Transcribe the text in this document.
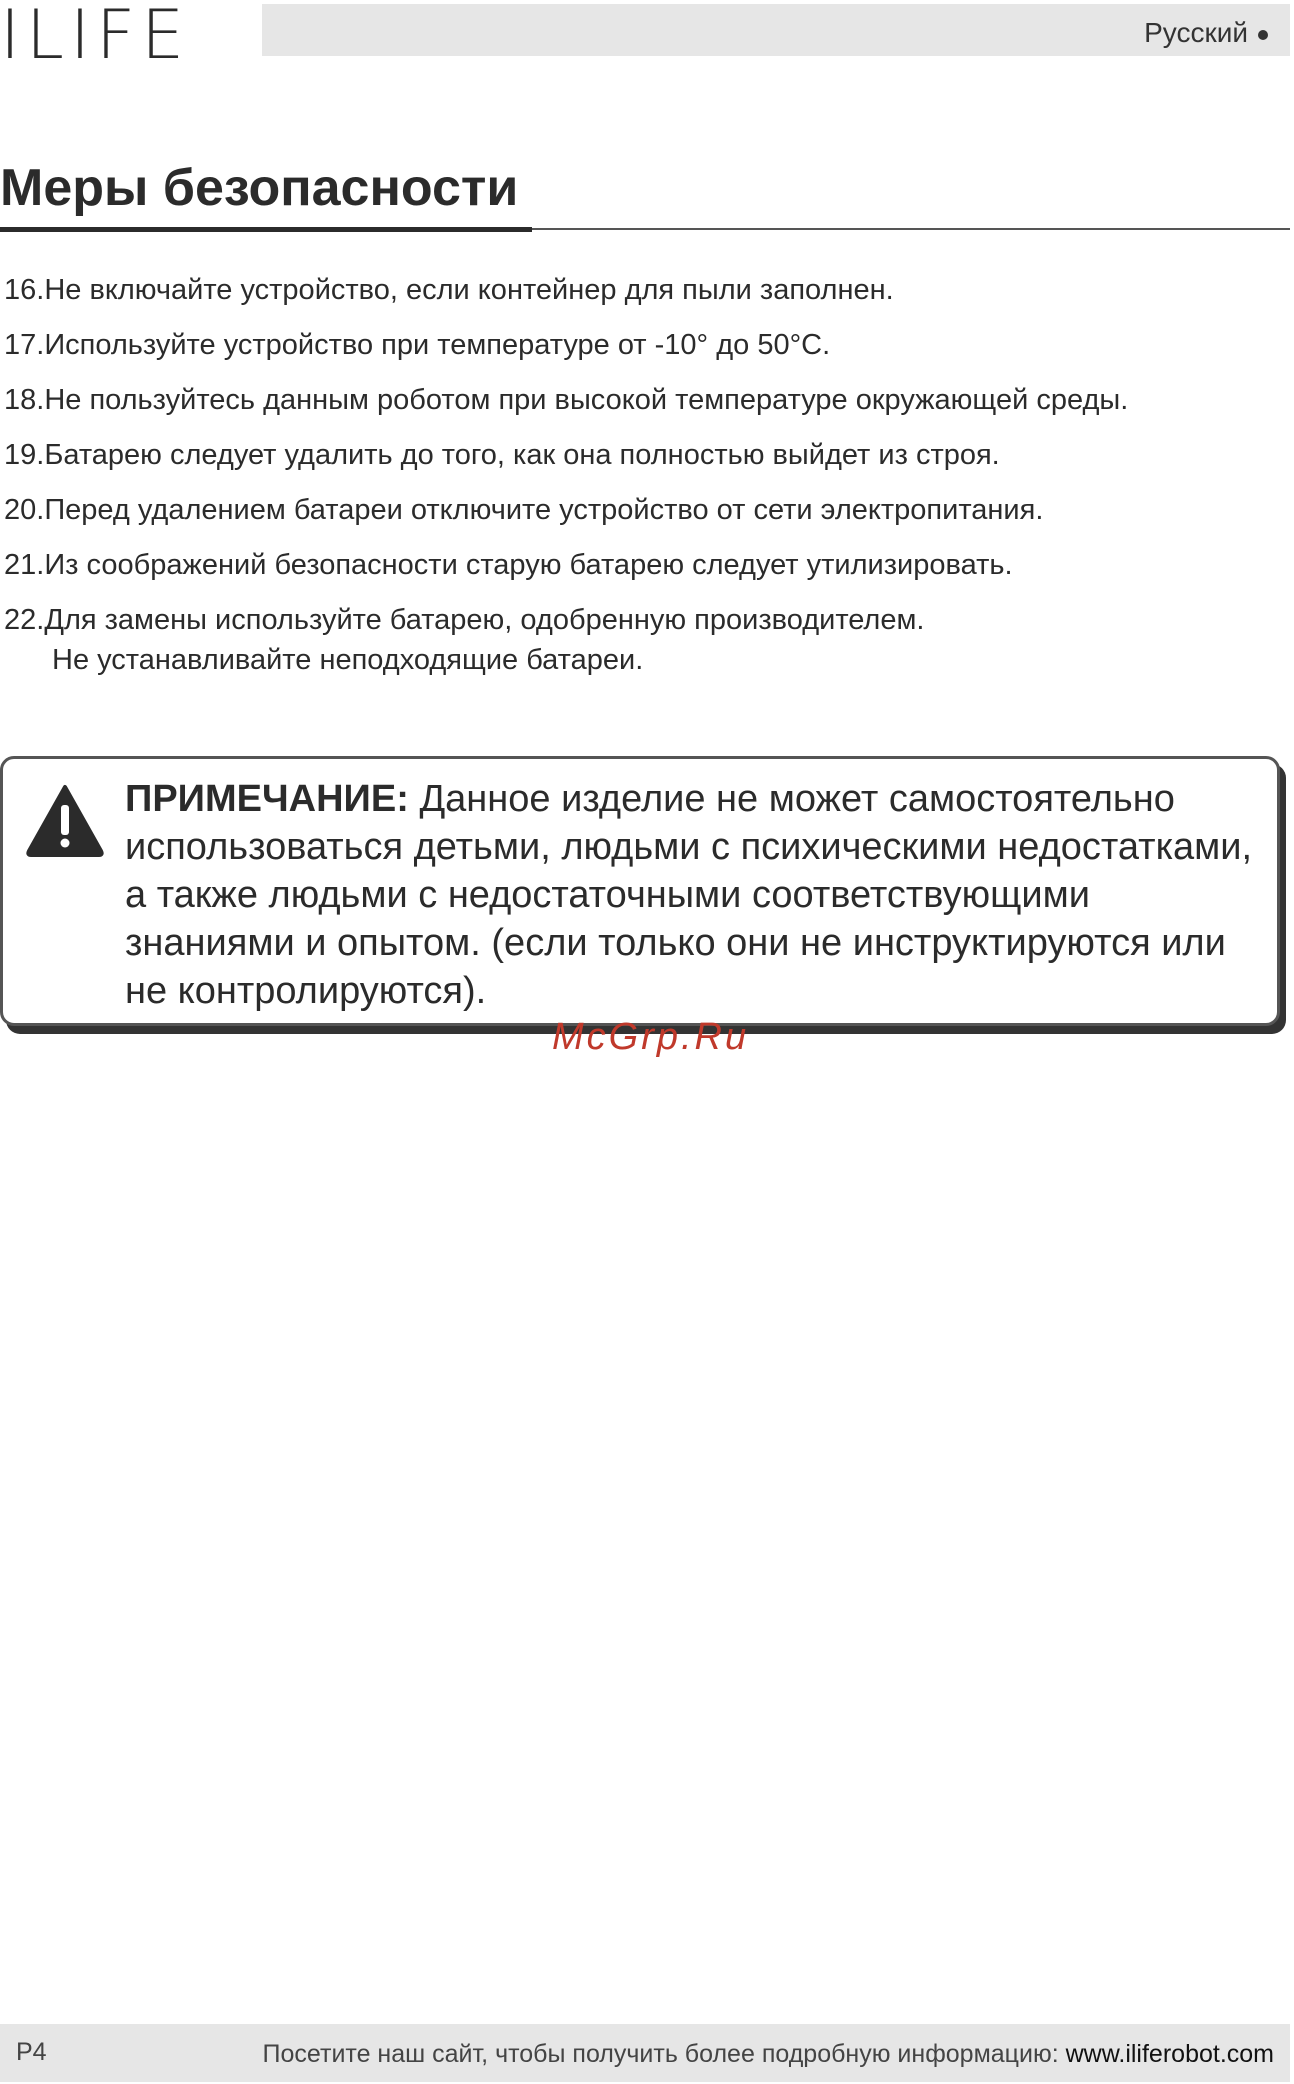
ILIFE	Русский
Меры безопасности
16.Не включайте устройство, если контейнер для пыли заполнен.
17.Используйте устройство при температуре от -10° до 50°C.
18.Не пользуйтесь данным роботом при высокой температуре окружающей среды.
19.Батарею следует удалить до того, как она полностью выйдет из строя.
20.Перед удалением батареи отключите устройство от сети электропитания.
21.Из соображений безопасности старую батарею следует утилизировать.
22.Для замены используйте батарею, одобренную производителем.
Не устанавливайте неподходящие батареи.
ПРИМЕЧАНИЕ: Данное изделие не может самостоятельно использоваться детьми, людьми с психическими недостатками, а также людьми с недостаточными соответствующими знаниями и опытом. (если только они не инструктируются или не контролируются).
McGrp.Ru
P4	Посетите наш сайт, чтобы получить более подробную информацию: www.iliferobot.com
